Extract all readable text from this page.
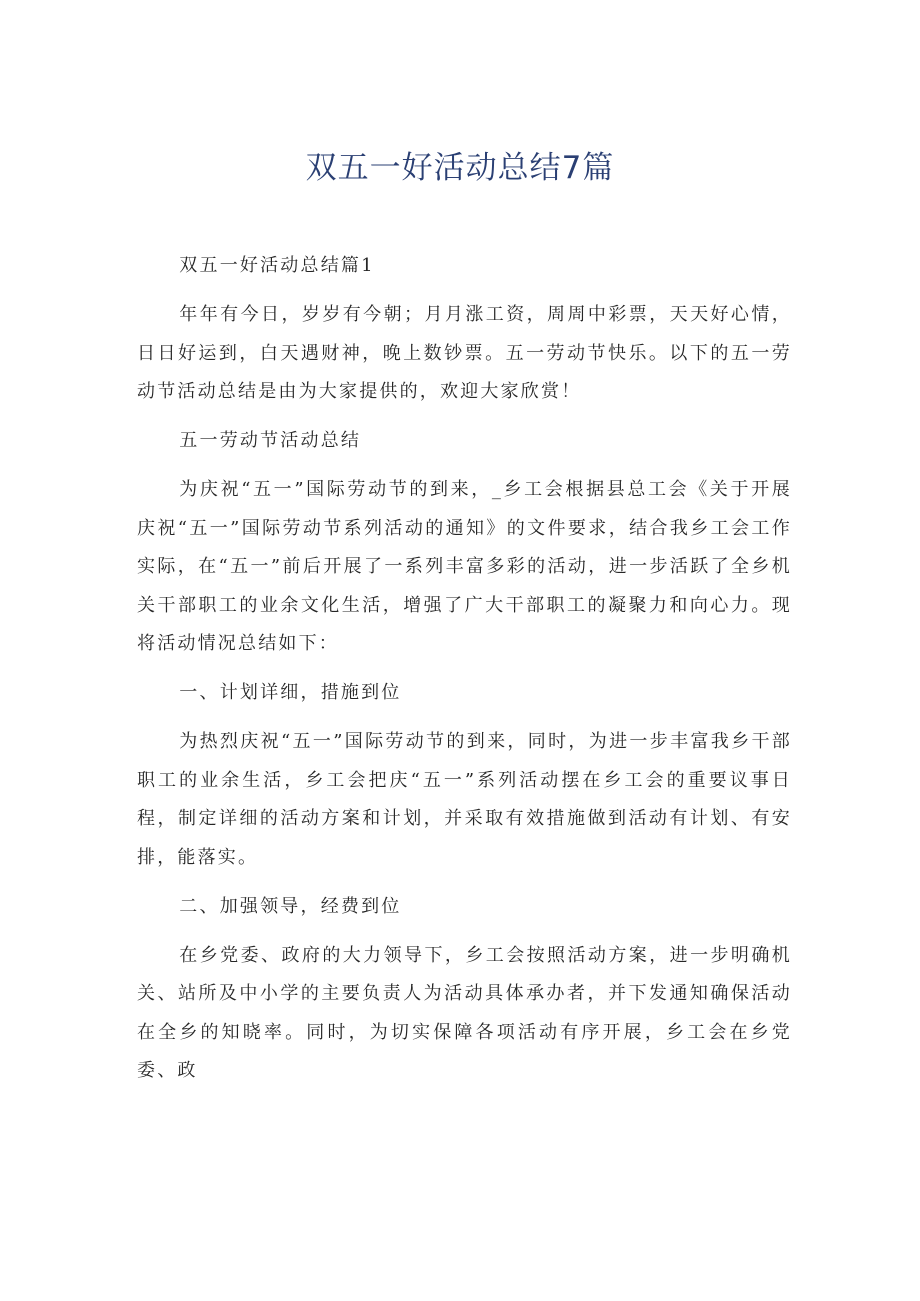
双五一好活动总结7篇

双五一好活动总结篇1

年年有今日，岁岁有今朝；月月涨工资，周周中彩票，天天好心情，日日好运到，白天遇财神，晚上数钞票。五一劳动节快乐。以下的五一劳动节活动总结是由为大家提供的，欢迎大家欣赏！

五一劳动节活动总结

为庆祝“五一”国际劳动节的到来，_乡工会根据县总工会《关于开展庆祝“五一”国际劳动节系列活动的通知》的文件要求，结合我乡工会工作实际，在“五一”前后开展了一系列丰富多彩的活动，进一步活跃了全乡机关干部职工的业余文化生活，增强了广大干部职工的凝聚力和向心力。现将活动情况总结如下：

一、计划详细，措施到位

为热烈庆祝“五一”国际劳动节的到来，同时，为进一步丰富我乡干部职工的业余生活，乡工会把庆“五一”系列活动摆在乡工会的重要议事日程，制定详细的活动方案和计划，并采取有效措施做到活动有计划、有安排，能落实。

二、加强领导，经费到位

在乡党委、政府的大力领导下，乡工会按照活动方案，进一步明确机关、站所及中小学的主要负责人为活动具体承办者，并下发通知确保活动在全乡的知晓率。同时，为切实保障各项活动有序开展，乡工会在乡党委、政
